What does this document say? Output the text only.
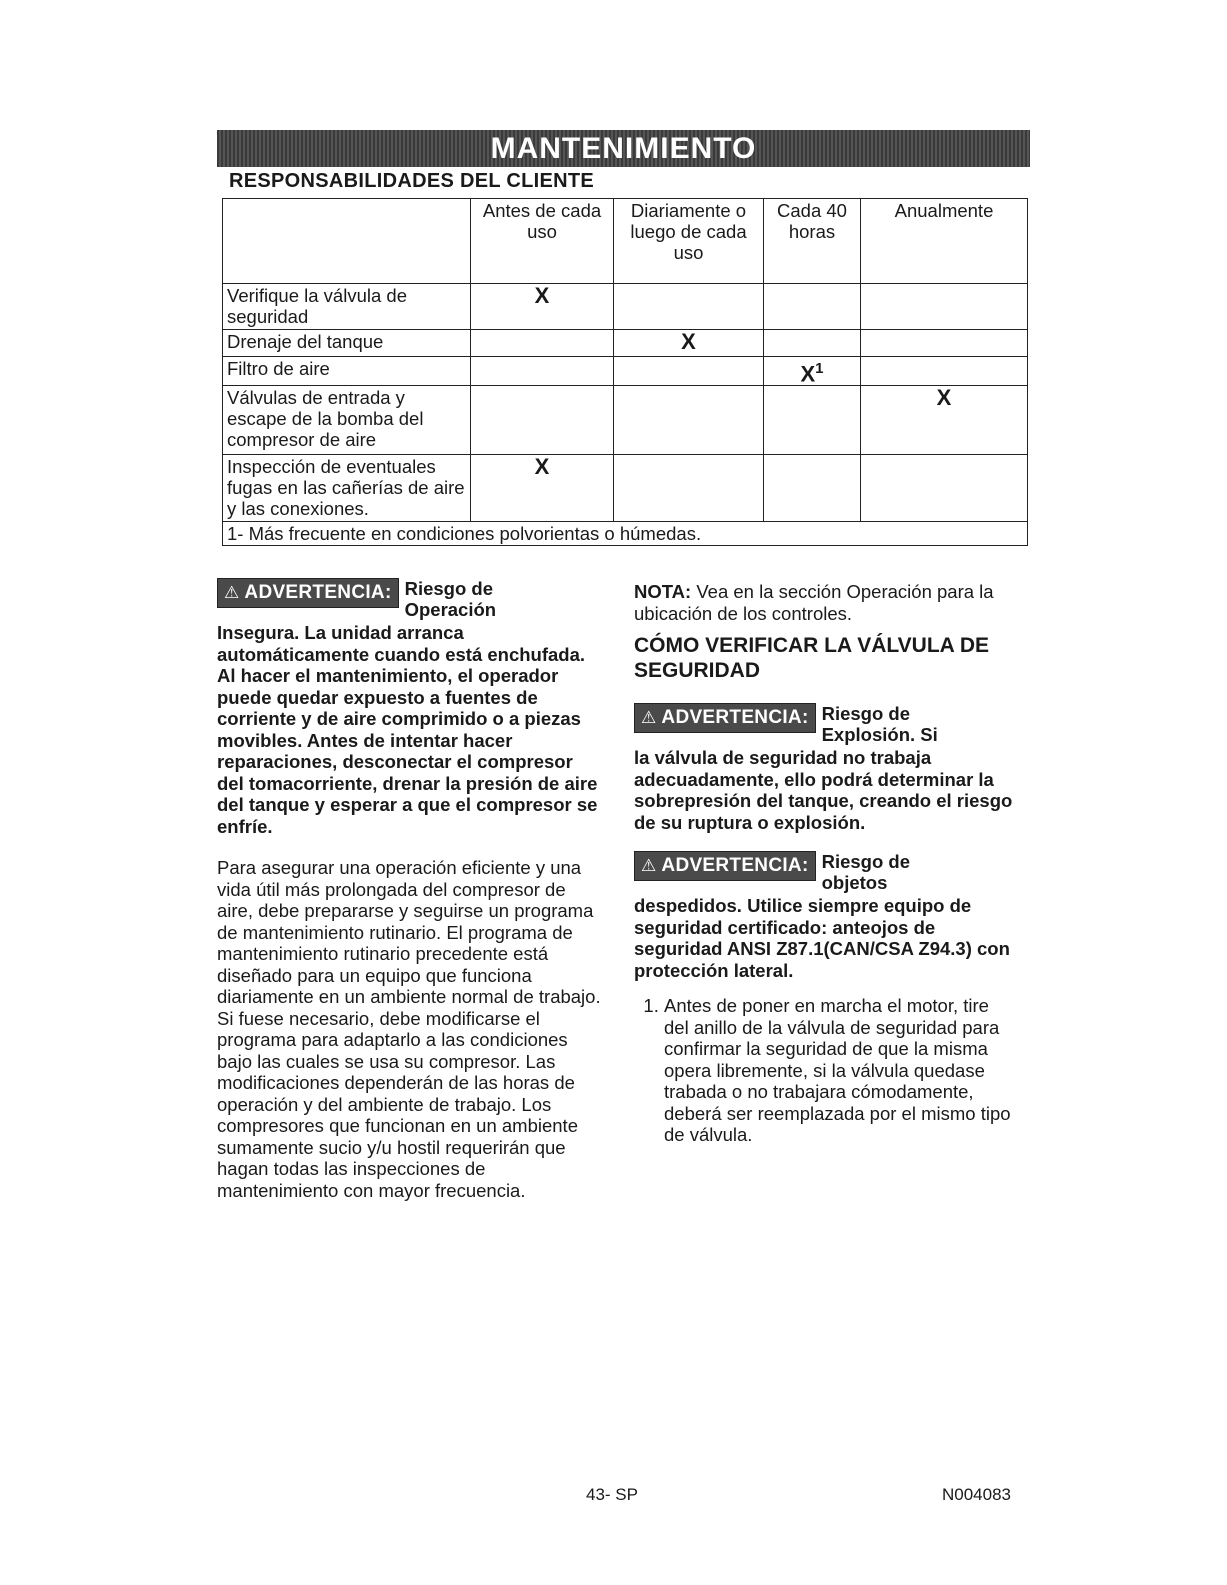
MANTENIMIENTO
RESPONSABILIDADES DEL CLIENTE
	Antes de cada uso	Diariamente o luego de cada uso	Cada 40 horas	Anualmente
Verifique la válvula de seguridad	X			
Drenaje del tanque		X		
Filtro de aire			$X^1$	
Válvulas de entrada y escape de la bomba del compresor de aire				X
Inspección de eventuales fugas en las cañerías de aire y las conexiones.	X			
1- Más frecuente en condiciones polvorientas o húmedas.				
⚠ ADVERTENCIA: Riesgo de Operación

Insegura. La unidad arranca automáticamente cuando está enchufada. Al hacer el mantenimiento, el operador puede quedar expuesto a fuentes de corriente y de aire comprimido o a piezas movibles. Antes de intentar hacer reparaciones, desconectar el compresor del tomacorriente, drenar la presión de aire del tanque y esperar a que el compresor se enfríe.

Para asegurar una operación eficiente y una vida útil más prolongada del compresor de aire, debe prepararse y seguirse un programa de mantenimiento rutinario. El programa de mantenimiento rutinario precedente está diseñado para un equipo que funciona diariamente en un ambiente normal de trabajo. Si fuese necesario, debe modificarse el programa para adaptarlo a las condiciones bajo las cuales se usa su compresor. Las modificaciones dependerán de las horas de operación y del ambiente de trabajo. Los compresores que funcionan en un ambiente sumamente sucio y/u hostil requerirán que hagan todas las inspecciones de mantenimiento con mayor frecuencia.

NOTA: Vea en la sección Operación para la ubicación de los controles.

CÓMO VERIFICAR LA VÁLVULA DE SEGURIDAD

⚠ ADVERTENCIA: Riesgo de Explosión. Si

la válvula de seguridad no trabaja adecuadamente, ello podrá determinar la sobrepresión del tanque, creando el riesgo de su ruptura o explosión.

⚠ ADVERTENCIA: Riesgo de objetos

despedidos. Utilice siempre equipo de seguridad certificado: anteojos de seguridad ANSI Z87.1(CAN/CSA Z94.3) con protección lateral.

1. Antes de poner en marcha el motor, tire del anillo de la válvula de seguridad para confirmar la seguridad de que la misma opera libremente, si la válvula quedase trabada o no trabajara cómodamente, deberá ser reemplazada por el mismo tipo de válvula.
43- SP	N004083
